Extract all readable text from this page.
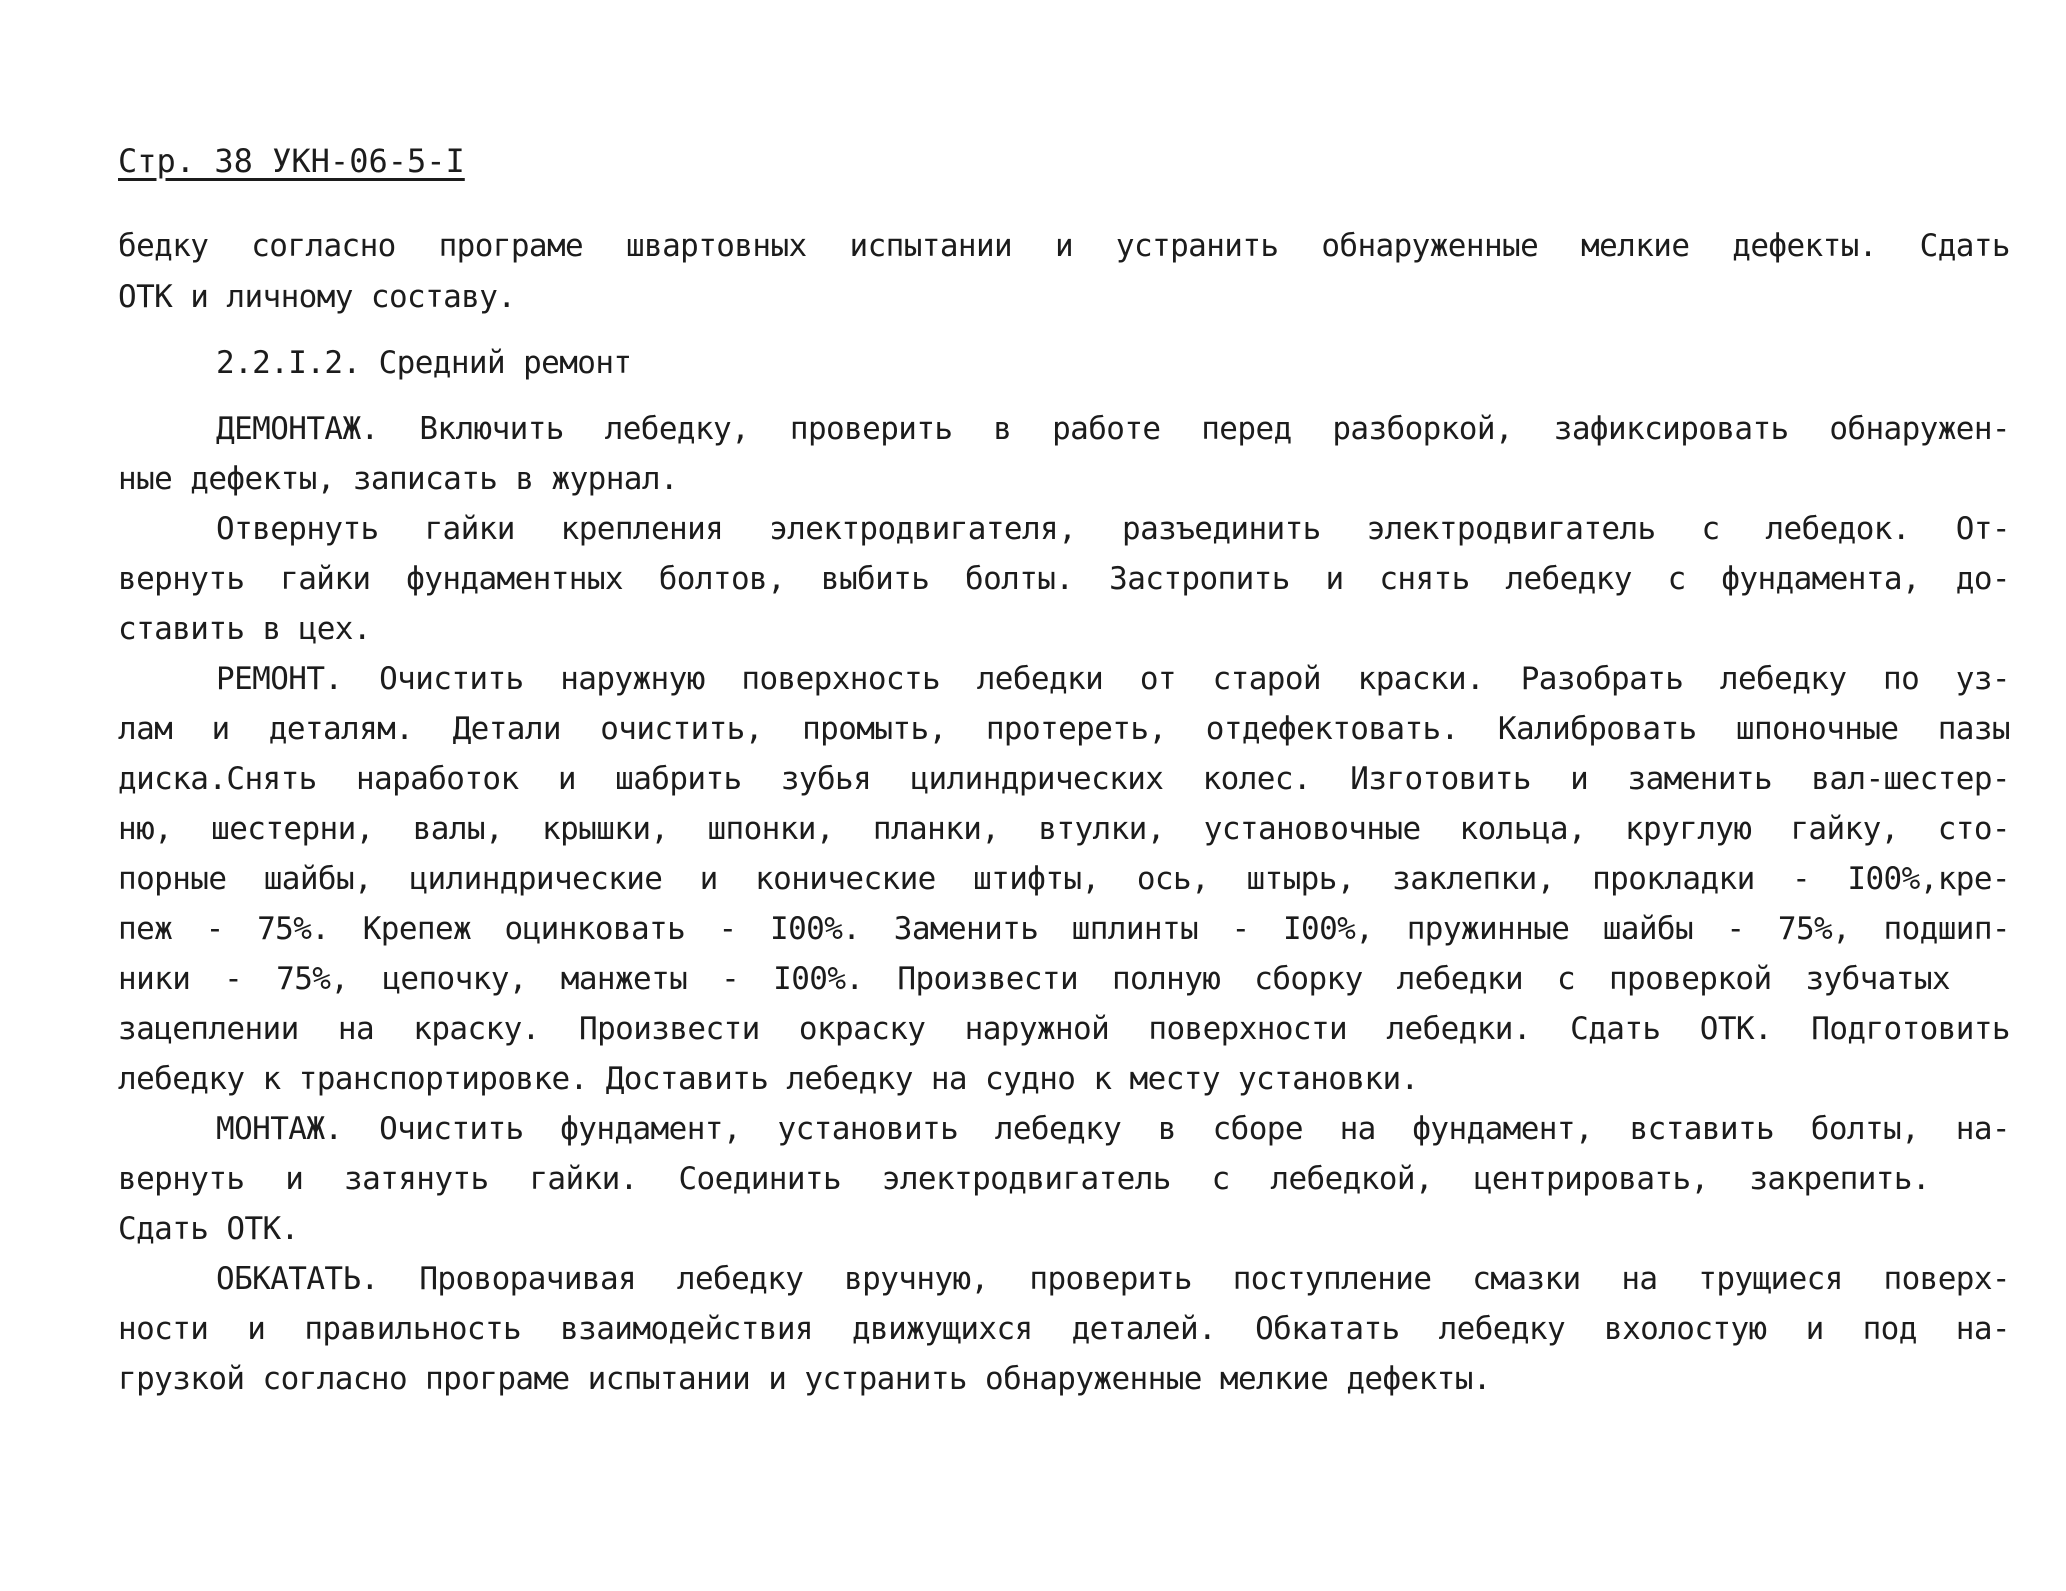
Стр. 38 УКН-06-5-I
бедку согласно програме швартовных испытании и устранить обнаруженные мелкие дефекты. Сдать
ОТК и личному составу.
2.2.I.2. Средний ремонт
ДЕМОНТАЖ. Включить лебедку, проверить в работе перед разборкой, зафиксировать обнаружен-
ные дефекты, записать в журнал.
Отвернуть гайки крепления электродвигателя, разъединить электродвигатель с лебедок. От-
вернуть гайки фундаментных болтов, выбить болты. Застропить и снять лебедку с фундамента, до-
ставить в цех.
РЕМОНТ. Очистить наружную поверхность лебедки от старой краски. Разобрать лебедку по уз-
лам и деталям. Детали очистить, промыть, протереть, отдефектовать. Калибровать шпоночные пазы
диска.Снять наработок и шабрить зубья цилиндрических колес. Изготовить и заменить вал-шестер-
ню, шестерни, валы, крышки, шпонки, планки, втулки, установочные кольца, круглую гайку, сто-
порные шайбы, цилиндрические и конические штифты, ось, штырь, заклепки, прокладки - I00%,кре-
пеж - 75%. Крепеж оцинковать - I00%. Заменить шплинты - I00%, пружинные шайбы - 75%, подшип-
ники - 75%, цепочку, манжеты - I00%. Произвести полную сборку лебедки с проверкой зубчатых
зацеплении на краску. Произвести окраску наружной поверхности лебедки. Сдать ОТК. Подготовить
лебедку к транспортировке. Доставить лебедку на судно к месту установки.
МОНТАЖ. Очистить фундамент, установить лебедку в сборе на фундамент, вставить болты, на-
вернуть и затянуть гайки. Соединить электродвигатель с лебедкой, центрировать, закрепить.
Сдать ОТК.
ОБКАТАТЬ. Проворачивая лебедку вручную, проверить поступление смазки на трущиеся поверх-
ности и правильность взаимодействия движущихся деталей. Обкатать лебедку вхолостую и под на-
грузкой согласно програме испытании и устранить обнаруженные мелкие дефекты.
